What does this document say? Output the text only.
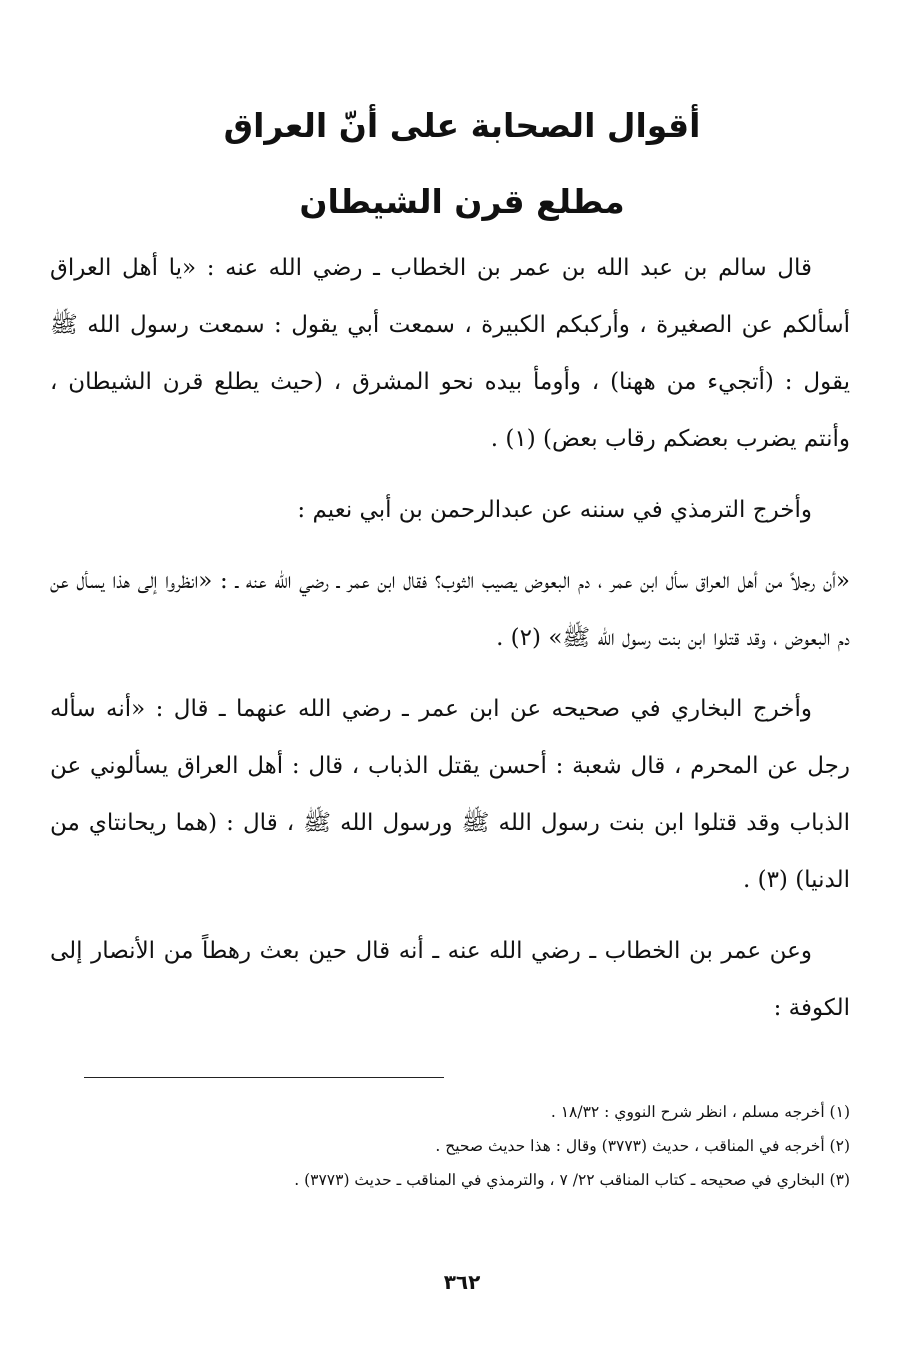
أقوال الصحابة على أنّ العراق
مطلع قرن الشيطان

قال سالم بن عبد الله بن عمر بن الخطاب ـ رضي الله عنه : «يا أهل العراق أسألكم عن الصغيرة ، وأركبكم الكبيرة ، سمعت أبي يقول : سمعت رسول الله ﷺ يقول : (أتجيء من ههنا) ، وأومأ بيده نحو المشرق ، (حيث يطلع قرن الشيطان ، وأنتم يضرب بعضكم رقاب بعض) (١) .

وأخرج الترمذي في سننه عن عبدالرحمن بن أبي نعيم :

«أن رجلاً من أهل العراق سأل ابن عمر ، دم البعوض يصيب الثوب؟ فقال ابن عمر ـ رضي الله عنه ـ : «انظروا إلى هذا يسأل عن دم البعوض ، وقد قتلوا ابن بنت رسول الله ﷺ» (٢) .

وأخرج البخاري في صحيحه عن ابن عمر ـ رضي الله عنهما ـ قال : «أنه سأله رجل عن المحرم ، قال شعبة : أحسن يقتل الذباب ، قال : أهل العراق يسألوني عن الذباب وقد قتلوا ابن بنت رسول الله ﷺ ورسول الله ﷺ ، قال : (هما ريحانتاي من الدنيا) (٣) .

وعن عمر بن الخطاب ـ رضي الله عنه ـ أنه قال حين بعث رهطاً من الأنصار إلى الكوفة :

(١) أخرجه مسلم ، انظر شرح النووي : ١٨/٣٢ .

(٢) أخرجه في المناقب ، حديث (٣٧٧٣) وقال : هذا حديث صحيح .

(٣) البخاري في صحيحه ـ كتاب المناقب ٢٢/ ٧ ، والترمذي في المناقب ـ حديث (٣٧٧٣) .

٣٦٢
